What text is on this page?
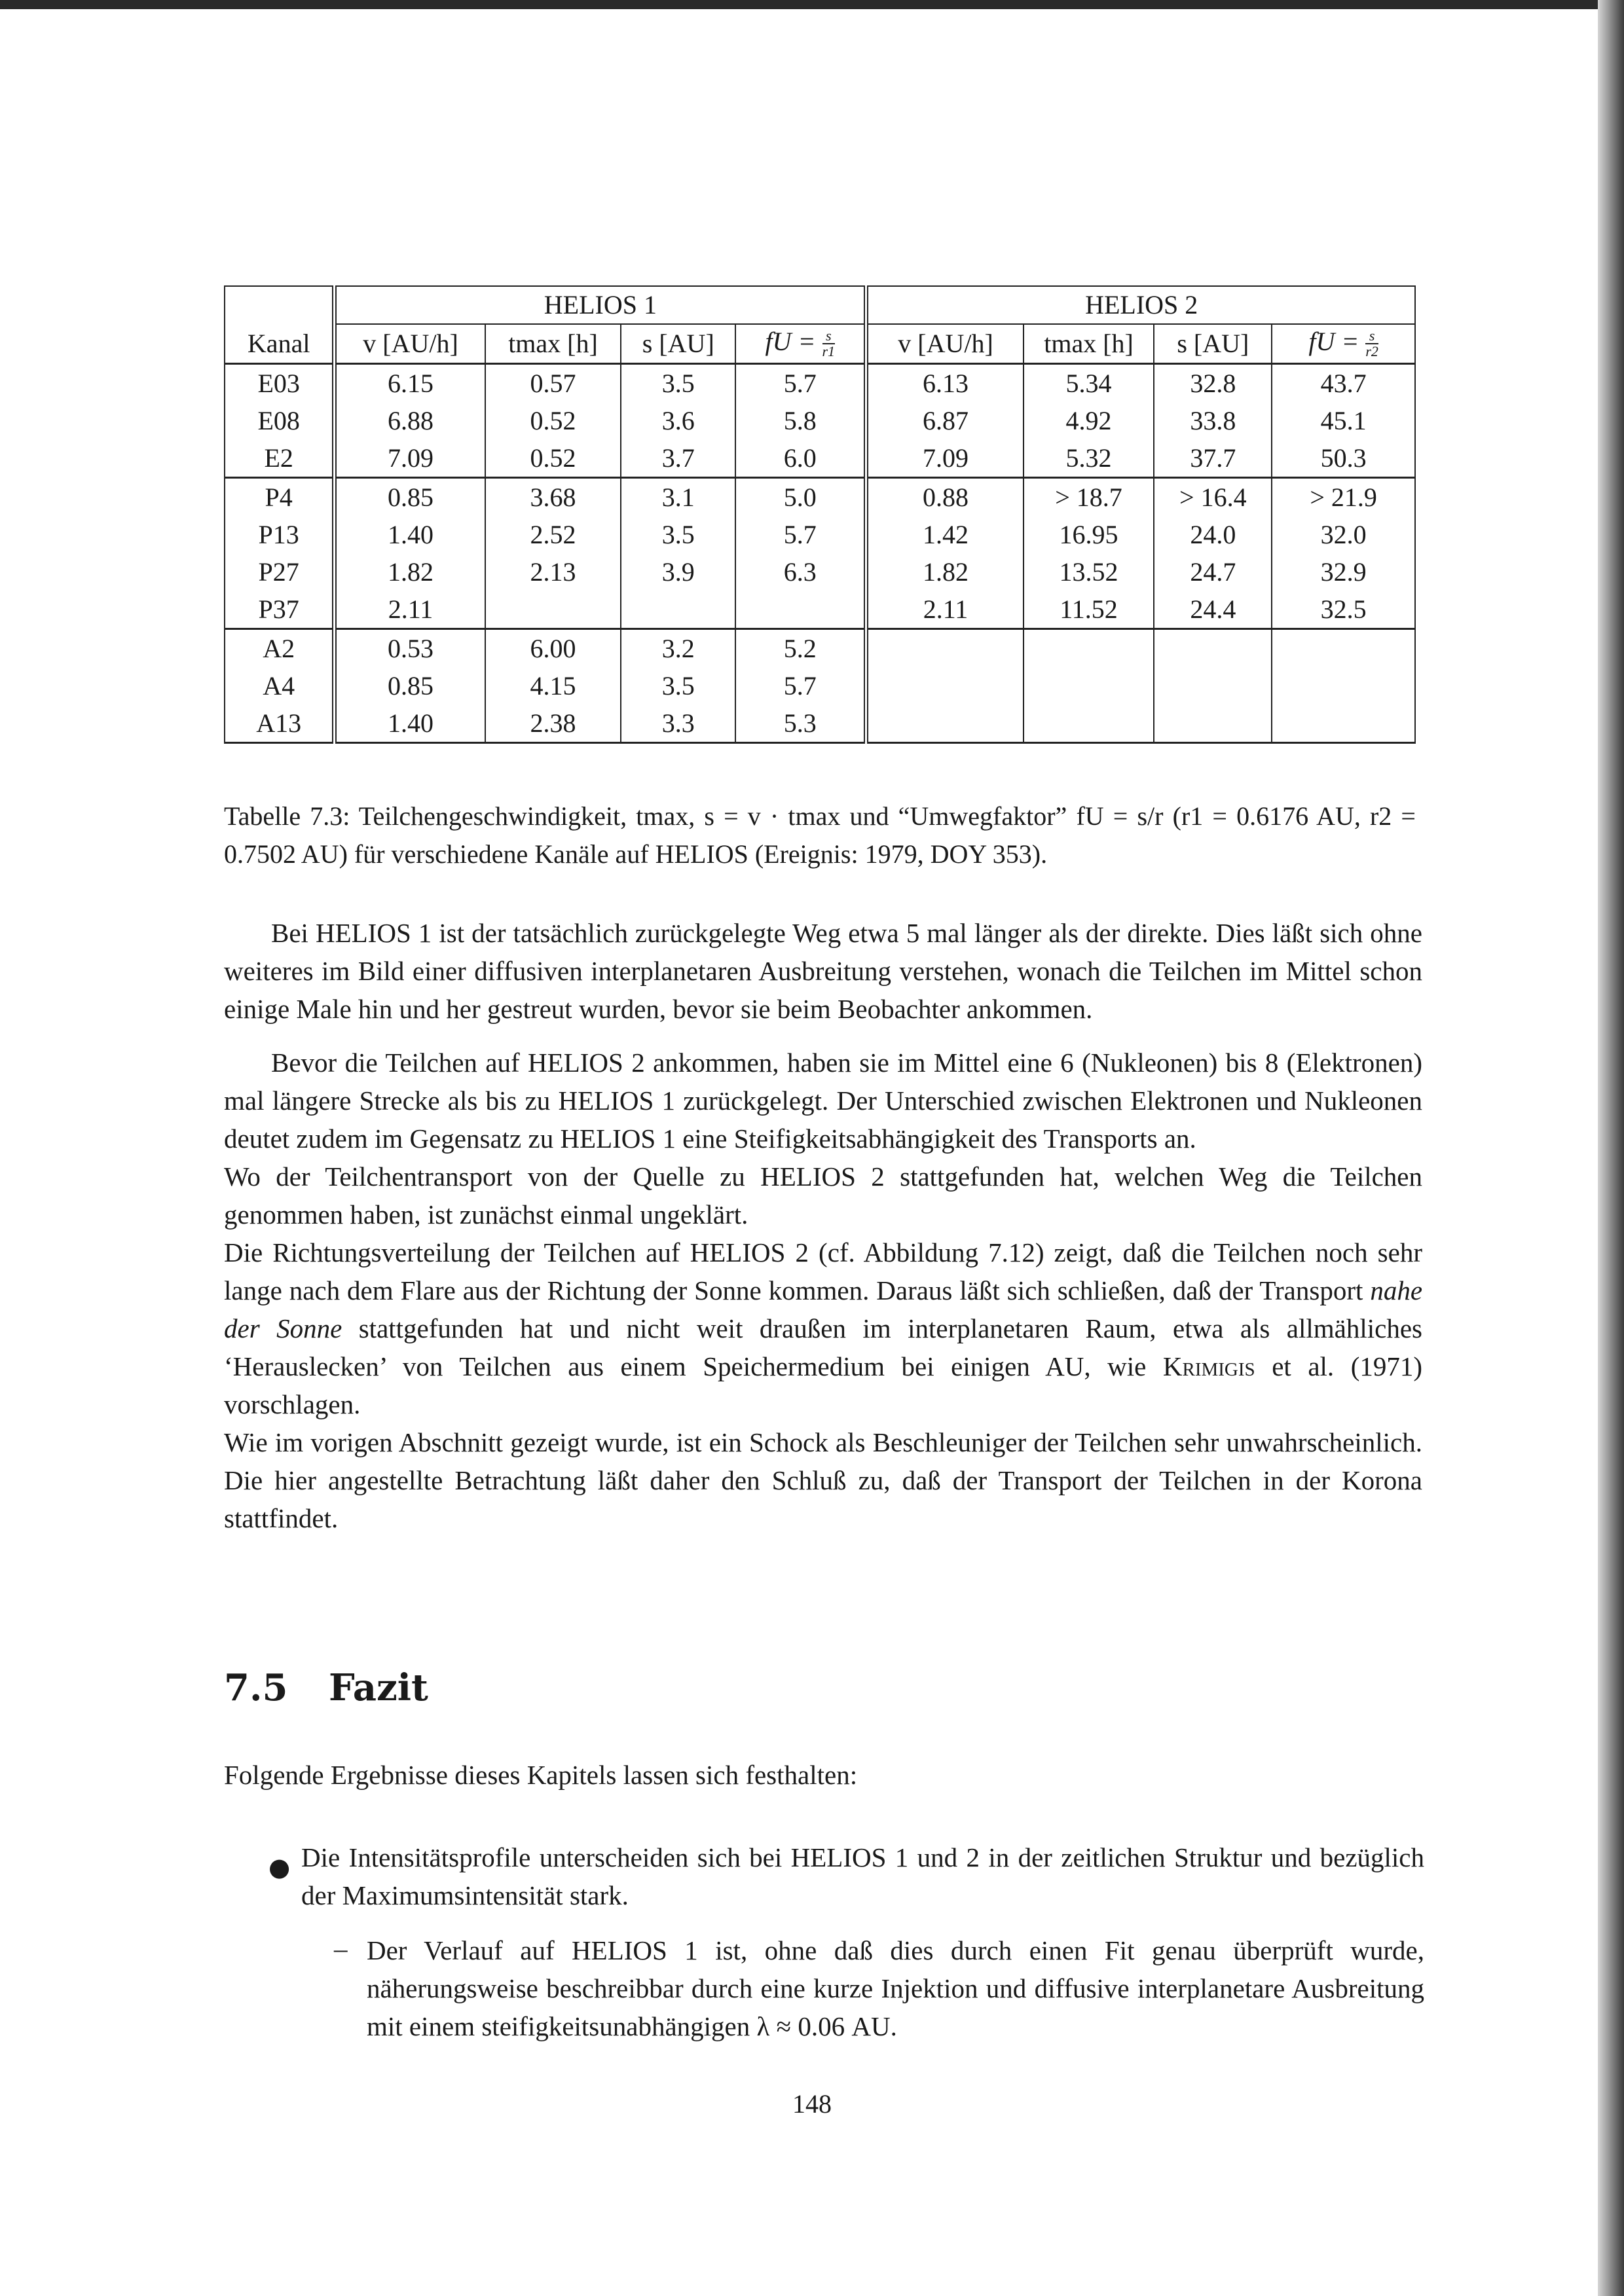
	HELIOS 1				HELIOS 2			
Kanal	v [AU/h]	tmax [h]	s [AU]	fU = $\frac{s}{r1}$	v [AU/h]	tmax [h]	s [AU]	fU = $\frac{s}{r2}$

E03	6.15	0.57	3.5	5.7	6.13	5.34	32.8	43.7
E08	6.88	0.52	3.6	5.8	6.87	4.92	33.8	45.1
E2	7.09	0.52	3.7	6.0	7.09	5.32	37.7	50.3
P4	0.85	3.68	3.1	5.0	0.88	> 18.7	> 16.4	> 21.9
P13	1.40	2.52	3.5	5.7	1.42	16.95	24.0	32.0
P27	1.82	2.13	3.9	6.3	1.82	13.52	24.7	32.9
P37	2.11				2.11	11.52	24.4	32.5
A2	0.53	6.00	3.2	5.2				
A4	0.85	4.15	3.5	5.7				
A13	1.40	2.38	3.3	5.3				
Tabelle 7.3: Teilchengeschwindigkeit, tmax, s = v · tmax und “Umwegfaktor” fU = s/r (r1 = 0.6176 AU, r2 = 0.7502 AU) für verschiedene Kanäle auf HELIOS (Ereignis: 1979, DOY 353).

Bei HELIOS 1 ist der tatsächlich zurückgelegte Weg etwa 5 mal länger als der direkte. Dies läßt sich ohne weiteres im Bild einer diffusiven interplanetaren Ausbreitung verstehen, wonach die Teilchen im Mittel schon einige Male hin und her gestreut wurden, bevor sie beim Beobachter ankommen.

Bevor die Teilchen auf HELIOS 2 ankommen, haben sie im Mittel eine 6 (Nukleonen) bis 8 (Elektronen) mal längere Strecke als bis zu HELIOS 1 zurückgelegt. Der Unterschied zwischen Elektronen und Nukleonen deutet zudem im Gegensatz zu HELIOS 1 eine Steifigkeitsabhängigkeit des Transports an.

Wo der Teilchentransport von der Quelle zu HELIOS 2 stattgefunden hat, welchen Weg die Teilchen genommen haben, ist zunächst einmal ungeklärt.

Die Richtungsverteilung der Teilchen auf HELIOS 2 (cf. Abbildung 7.12) zeigt, daß die Teilchen noch sehr lange nach dem Flare aus der Richtung der Sonne kommen. Daraus läßt sich schließen, daß der Transport nahe der Sonne stattgefunden hat und nicht weit draußen im interplanetaren Raum, etwa als allmähliches ‘Herauslecken’ von Teilchen aus einem Speichermedium bei einigen AU, wie Krimigis et al. (1971) vorschlagen.

Wie im vorigen Abschnitt gezeigt wurde, ist ein Schock als Beschleuniger der Teilchen sehr unwahrscheinlich. Die hier angestellte Betrachtung läßt daher den Schluß zu, daß der Transport der Teilchen in der Korona stattfindet.

7.5 Fazit
Folgende Ergebnisse dieses Kapitels lassen sich festhalten:
● Die Intensitätsprofile unterscheiden sich bei HELIOS 1 und 2 in der zeitlichen Struktur und bezüglich der Maximumsintensität stark.
– Der Verlauf auf HELIOS 1 ist, ohne daß dies durch einen Fit genau überprüft wurde, näherungsweise beschreibbar durch eine kurze Injektion und diffusive interplanetare Ausbreitung mit einem steifigkeitsunabhängigen λ ≈ 0.06 AU.
148
